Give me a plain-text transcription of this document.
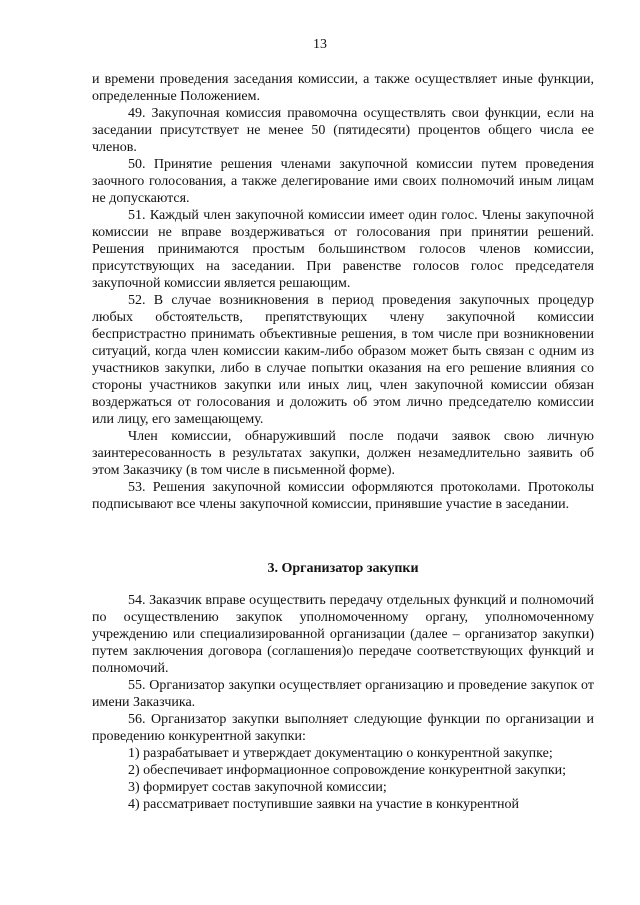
13

и времени проведения заседания комиссии, а также осуществляет иные функции, определенные Положением.

49. Закупочная комиссия правомочна осуществлять свои функции, если на заседании присутствует не менее 50 (пятидесяти) процентов общего числа ее членов.

50. Принятие решения членами закупочной комиссии путем проведения заочного голосования, а также делегирование ими своих полномочий иным лицам не допускаются.

51. Каждый член закупочной комиссии имеет один голос. Члены закупочной комиссии не вправе воздерживаться от голосования при принятии решений. Решения принимаются простым большинством голосов членов комиссии, присутствующих на заседании. При равенстве голосов голос председателя закупочной комиссии является решающим.

52. В случае возникновения в период проведения закупочных процедур любых обстоятельств, препятствующих члену закупочной комиссии беспристрастно принимать объективные решения, в том числе при возникновении ситуаций, когда член комиссии каким-либо образом может быть связан с одним из участников закупки, либо в случае попытки оказания на его решение влияния со стороны участников закупки или иных лиц, член закупочной комиссии обязан воздержаться от голосования и доложить об этом лично председателю комиссии или лицу, его замещающему.

Член комиссии, обнаруживший после подачи заявок свою личную заинтересованность в результатах закупки, должен незамедлительно заявить об этом Заказчику (в том числе в письменной форме).

53. Решения закупочной комиссии оформляются протоколами. Протоколы подписывают все члены закупочной комиссии, принявшие участие в заседании.

3. Организатор закупки

54. Заказчик вправе осуществить передачу отдельных функций и полномочий по осуществлению закупок уполномоченному органу, уполномоченному учреждению или специализированной организации (далее – организатор закупки) путем заключения договора (соглашения)о передаче соответствующих функций и полномочий.

55. Организатор закупки осуществляет организацию и проведение закупок от имени Заказчика.

56. Организатор закупки выполняет следующие функции по организации и проведению конкурентной закупки:

1) разрабатывает и утверждает документацию о конкурентной закупке;

2) обеспечивает информационное сопровождение конкурентной закупки;

3) формирует состав закупочной комиссии;

4) рассматривает поступившие заявки на участие в конкурентной
